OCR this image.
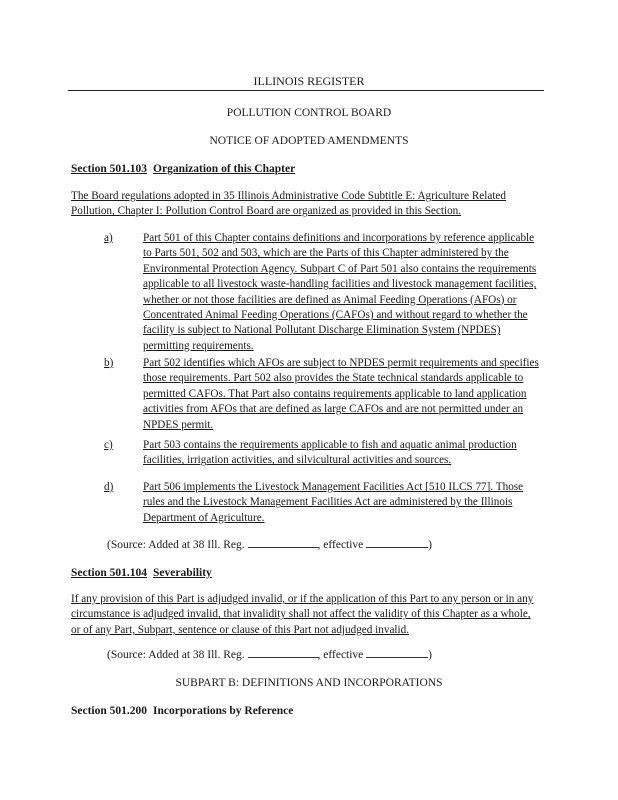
ILLINOIS REGISTER
POLLUTION CONTROL BOARD
NOTICE OF ADOPTED AMENDMENTS
Section 501.103 Organization of this Chapter
The Board regulations adopted in 35 Illinois Administrative Code Subtitle E: Agriculture Related Pollution, Chapter I: Pollution Control Board are organized as provided in this Section.
a)	Part 501 of this Chapter contains definitions and incorporations by reference applicable to Parts 501, 502 and 503, which are the Parts of this Chapter administered by the Environmental Protection Agency. Subpart C of Part 501 also contains the requirements applicable to all livestock waste-handling facilities and livestock management facilities, whether or not those facilities are defined as Animal Feeding Operations (AFOs) or Concentrated Animal Feeding Operations (CAFOs) and without regard to whether the facility is subject to National Pollutant Discharge Elimination System (NPDES) permitting requirements.
b)	Part 502 identifies which AFOs are subject to NPDES permit requirements and specifies those requirements. Part 502 also provides the State technical standards applicable to permitted CAFOs. That Part also contains requirements applicable to land application activities from AFOs that are defined as large CAFOs and are not permitted under an NPDES permit.
c)	Part 503 contains the requirements applicable to fish and aquatic animal production facilities, irrigation activities, and silvicultural activities and sources.
d)	Part 506 implements the Livestock Management Facilities Act [510 ILCS 77]. Those rules and the Livestock Management Facilities Act are administered by the Illinois Department of Agriculture.
(Source: Added at 38 Ill. Reg.	, effective	)
Section 501.104 Severability
If any provision of this Part is adjudged invalid, or if the application of this Part to any person or in any circumstance is adjudged invalid, that invalidity shall not affect the validity of this Chapter as a whole, or of any Part, Subpart, sentence or clause of this Part not adjudged invalid.
(Source: Added at 38 Ill. Reg.	, effective	)
SUBPART B: DEFINITIONS AND INCORPORATIONS
Section 501.200 Incorporations by Reference
